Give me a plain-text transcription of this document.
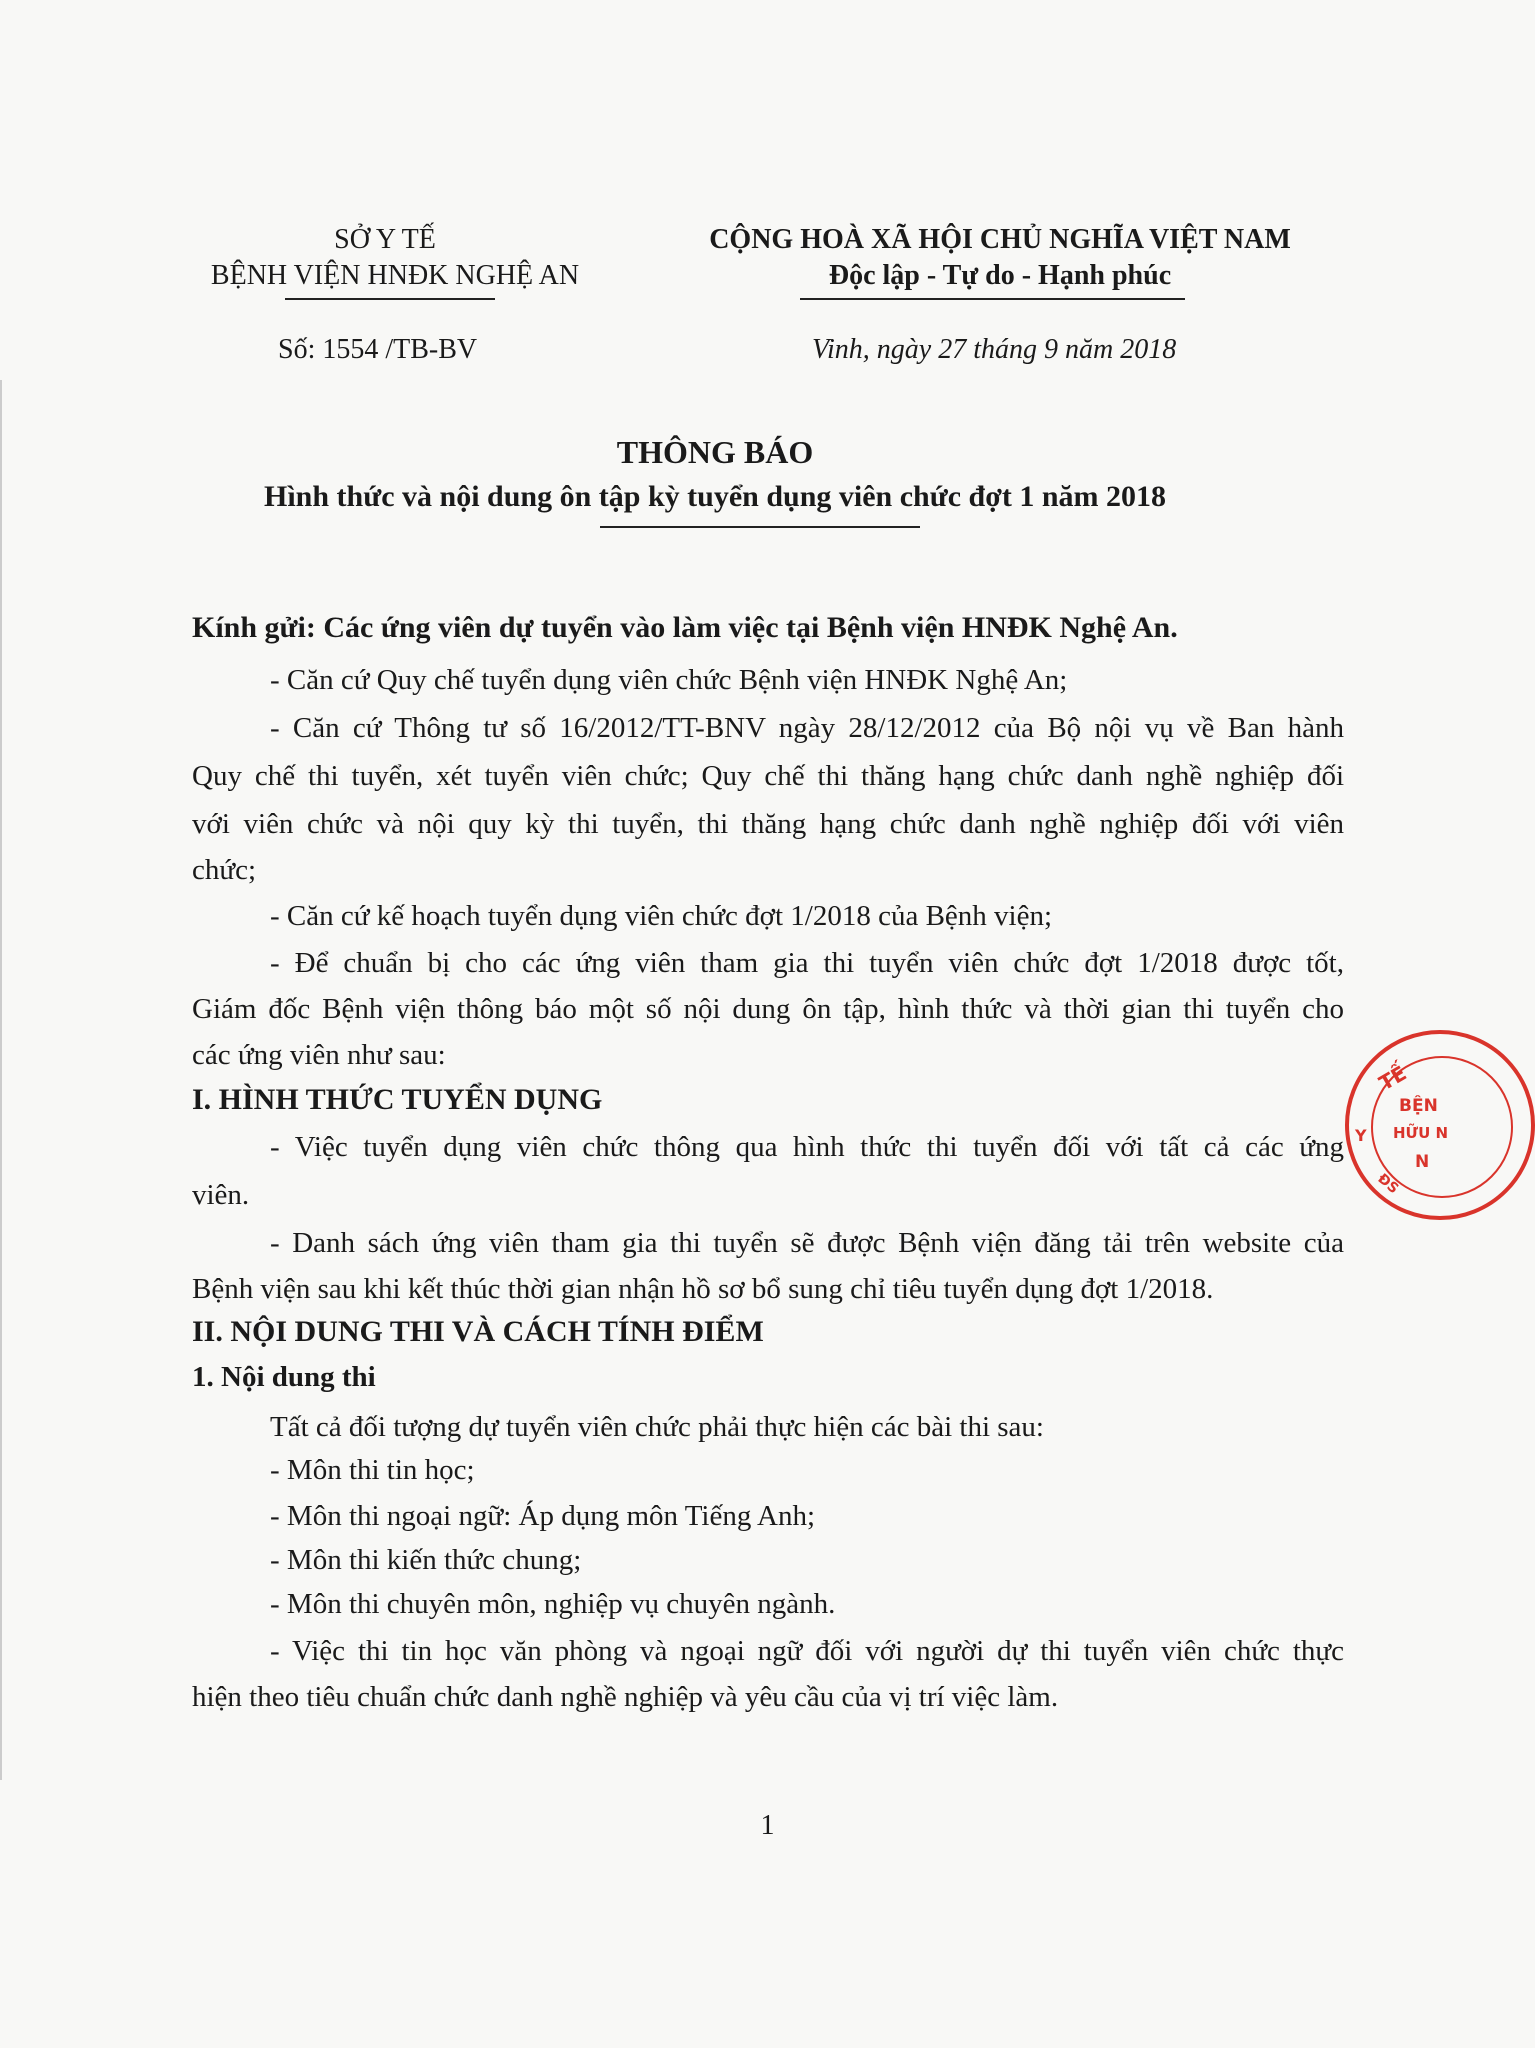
SỞ Y TẾ
BỆNH VIỆN HNĐK NGHỆ AN
Số: 1554 /TB-BV
CỘNG HOÀ XÃ HỘI CHỦ NGHĨA VIỆT NAM
Độc lập - Tự do - Hạnh phúc
Vinh, ngày 27 tháng 9 năm 2018
THÔNG BÁO
Hình thức và nội dung ôn tập kỳ tuyển dụng viên chức đợt 1 năm 2018
Kính gửi: Các ứng viên dự tuyển vào làm việc tại Bệnh viện HNĐK Nghệ An.
- Căn cứ Quy chế tuyển dụng viên chức Bệnh viện HNĐK Nghệ An;
- Căn cứ Thông tư số 16/2012/TT-BNV ngày 28/12/2012 của Bộ nội vụ về Ban hành
Quy chế thi tuyển, xét tuyển viên chức; Quy chế thi thăng hạng chức danh nghề nghiệp đối
với viên chức và nội quy kỳ thi tuyển, thi thăng hạng chức danh nghề nghiệp đối với viên
chức;
- Căn cứ kế hoạch tuyển dụng viên chức đợt 1/2018 của Bệnh viện;
- Để chuẩn bị cho các ứng viên tham gia thi tuyển viên chức đợt 1/2018 được tốt,
Giám đốc Bệnh viện thông báo một số nội dung ôn tập, hình thức và thời gian thi tuyển cho
các ứng viên như sau:
I. HÌNH THỨC TUYỂN DỤNG
- Việc tuyển dụng viên chức thông qua hình thức thi tuyển đối với tất cả các ứng
viên.
- Danh sách ứng viên tham gia thi tuyển sẽ được Bệnh viện đăng tải trên website của
Bệnh viện sau khi kết thúc thời gian nhận hồ sơ bổ sung chỉ tiêu tuyển dụng đợt 1/2018.
II. NỘI DUNG THI VÀ CÁCH TÍNH ĐIỂM
1. Nội dung thi
Tất cả đối tượng dự tuyển viên chức phải thực hiện các bài thi sau:
- Môn thi tin học;
- Môn thi ngoại ngữ: Áp dụng môn Tiếng Anh;
- Môn thi kiến thức chung;
- Môn thi chuyên môn, nghiệp vụ chuyên ngành.
- Việc thi tin học văn phòng và ngoại ngữ đối với người dự thi tuyển viên chức thực
hiện theo tiêu chuẩn chức danh nghề nghiệp và yêu cầu của vị trí việc làm.
1
TẾ
Y
BỆN
HỮU N
N
ĐS
